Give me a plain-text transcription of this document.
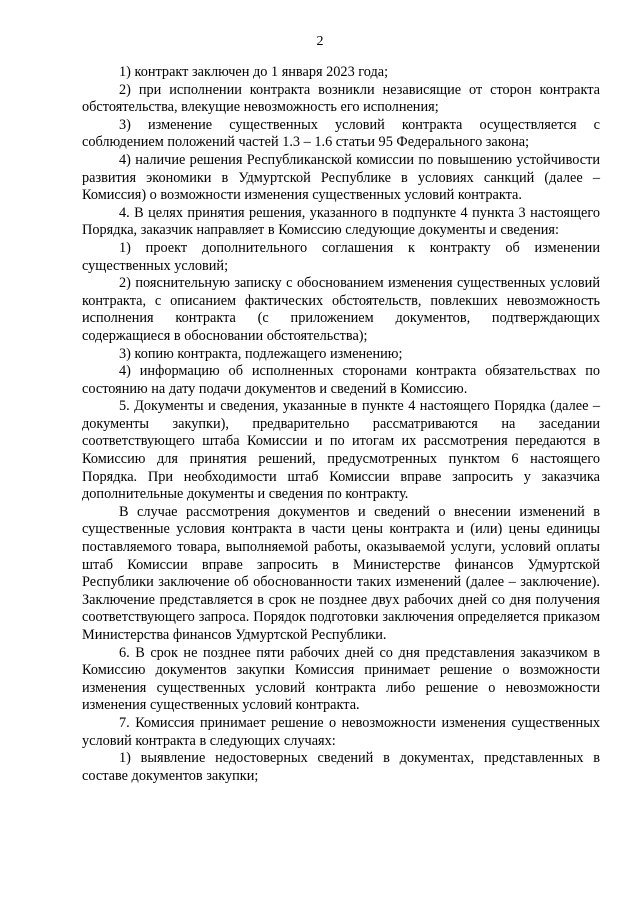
2

1) контракт заключен до 1 января 2023 года;

2) при исполнении контракта возникли независящие от сторон контракта обстоятельства, влекущие невозможность его исполнения;

3) изменение существенных условий контракта осуществляется с соблюдением положений частей 1.3 – 1.6 статьи 95 Федерального закона;

4) наличие решения Республиканской комиссии по повышению устойчивости развития экономики в Удмуртской Республике в условиях санкций (далее – Комиссия) о возможности изменения существенных условий контракта.

4. В целях принятия решения, указанного в подпункте 4 пункта 3 настоящего Порядка, заказчик направляет в Комиссию следующие документы и сведения:

1) проект дополнительного соглашения к контракту об изменении существенных условий;

2) пояснительную записку с обоснованием изменения существенных условий контракта, с описанием фактических обстоятельств, повлекших невозможность исполнения контракта (с приложением документов, подтверждающих содержащиеся в обосновании обстоятельства);

3) копию контракта, подлежащего изменению;

4) информацию об исполненных сторонами контракта обязательствах по состоянию на дату подачи документов и сведений в Комиссию.

5. Документы и сведения, указанные в пункте 4 настоящего Порядка (далее – документы закупки), предварительно рассматриваются на заседании соответствующего штаба Комиссии и по итогам их рассмотрения передаются в Комиссию для принятия решений, предусмотренных пунктом 6 настоящего Порядка. При необходимости штаб Комиссии вправе запросить у заказчика дополнительные документы и сведения по контракту.

В случае рассмотрения документов и сведений о внесении изменений в существенные условия контракта в части цены контракта и (или) цены единицы поставляемого товара, выполняемой работы, оказываемой услуги, условий оплаты штаб Комиссии вправе запросить в Министерстве финансов Удмуртской Республики заключение об обоснованности таких изменений (далее – заключение). Заключение представляется в срок не позднее двух рабочих дней со дня получения соответствующего запроса. Порядок подготовки заключения определяется приказом Министерства финансов Удмуртской Республики.

6. В срок не позднее пяти рабочих дней со дня представления заказчиком в Комиссию документов закупки Комиссия принимает решение о возможности изменения существенных условий контракта либо решение о невозможности изменения существенных условий контракта.

7. Комиссия принимает решение о невозможности изменения существенных условий контракта в следующих случаях:

1) выявление недостоверных сведений в документах, представленных в составе документов закупки;
